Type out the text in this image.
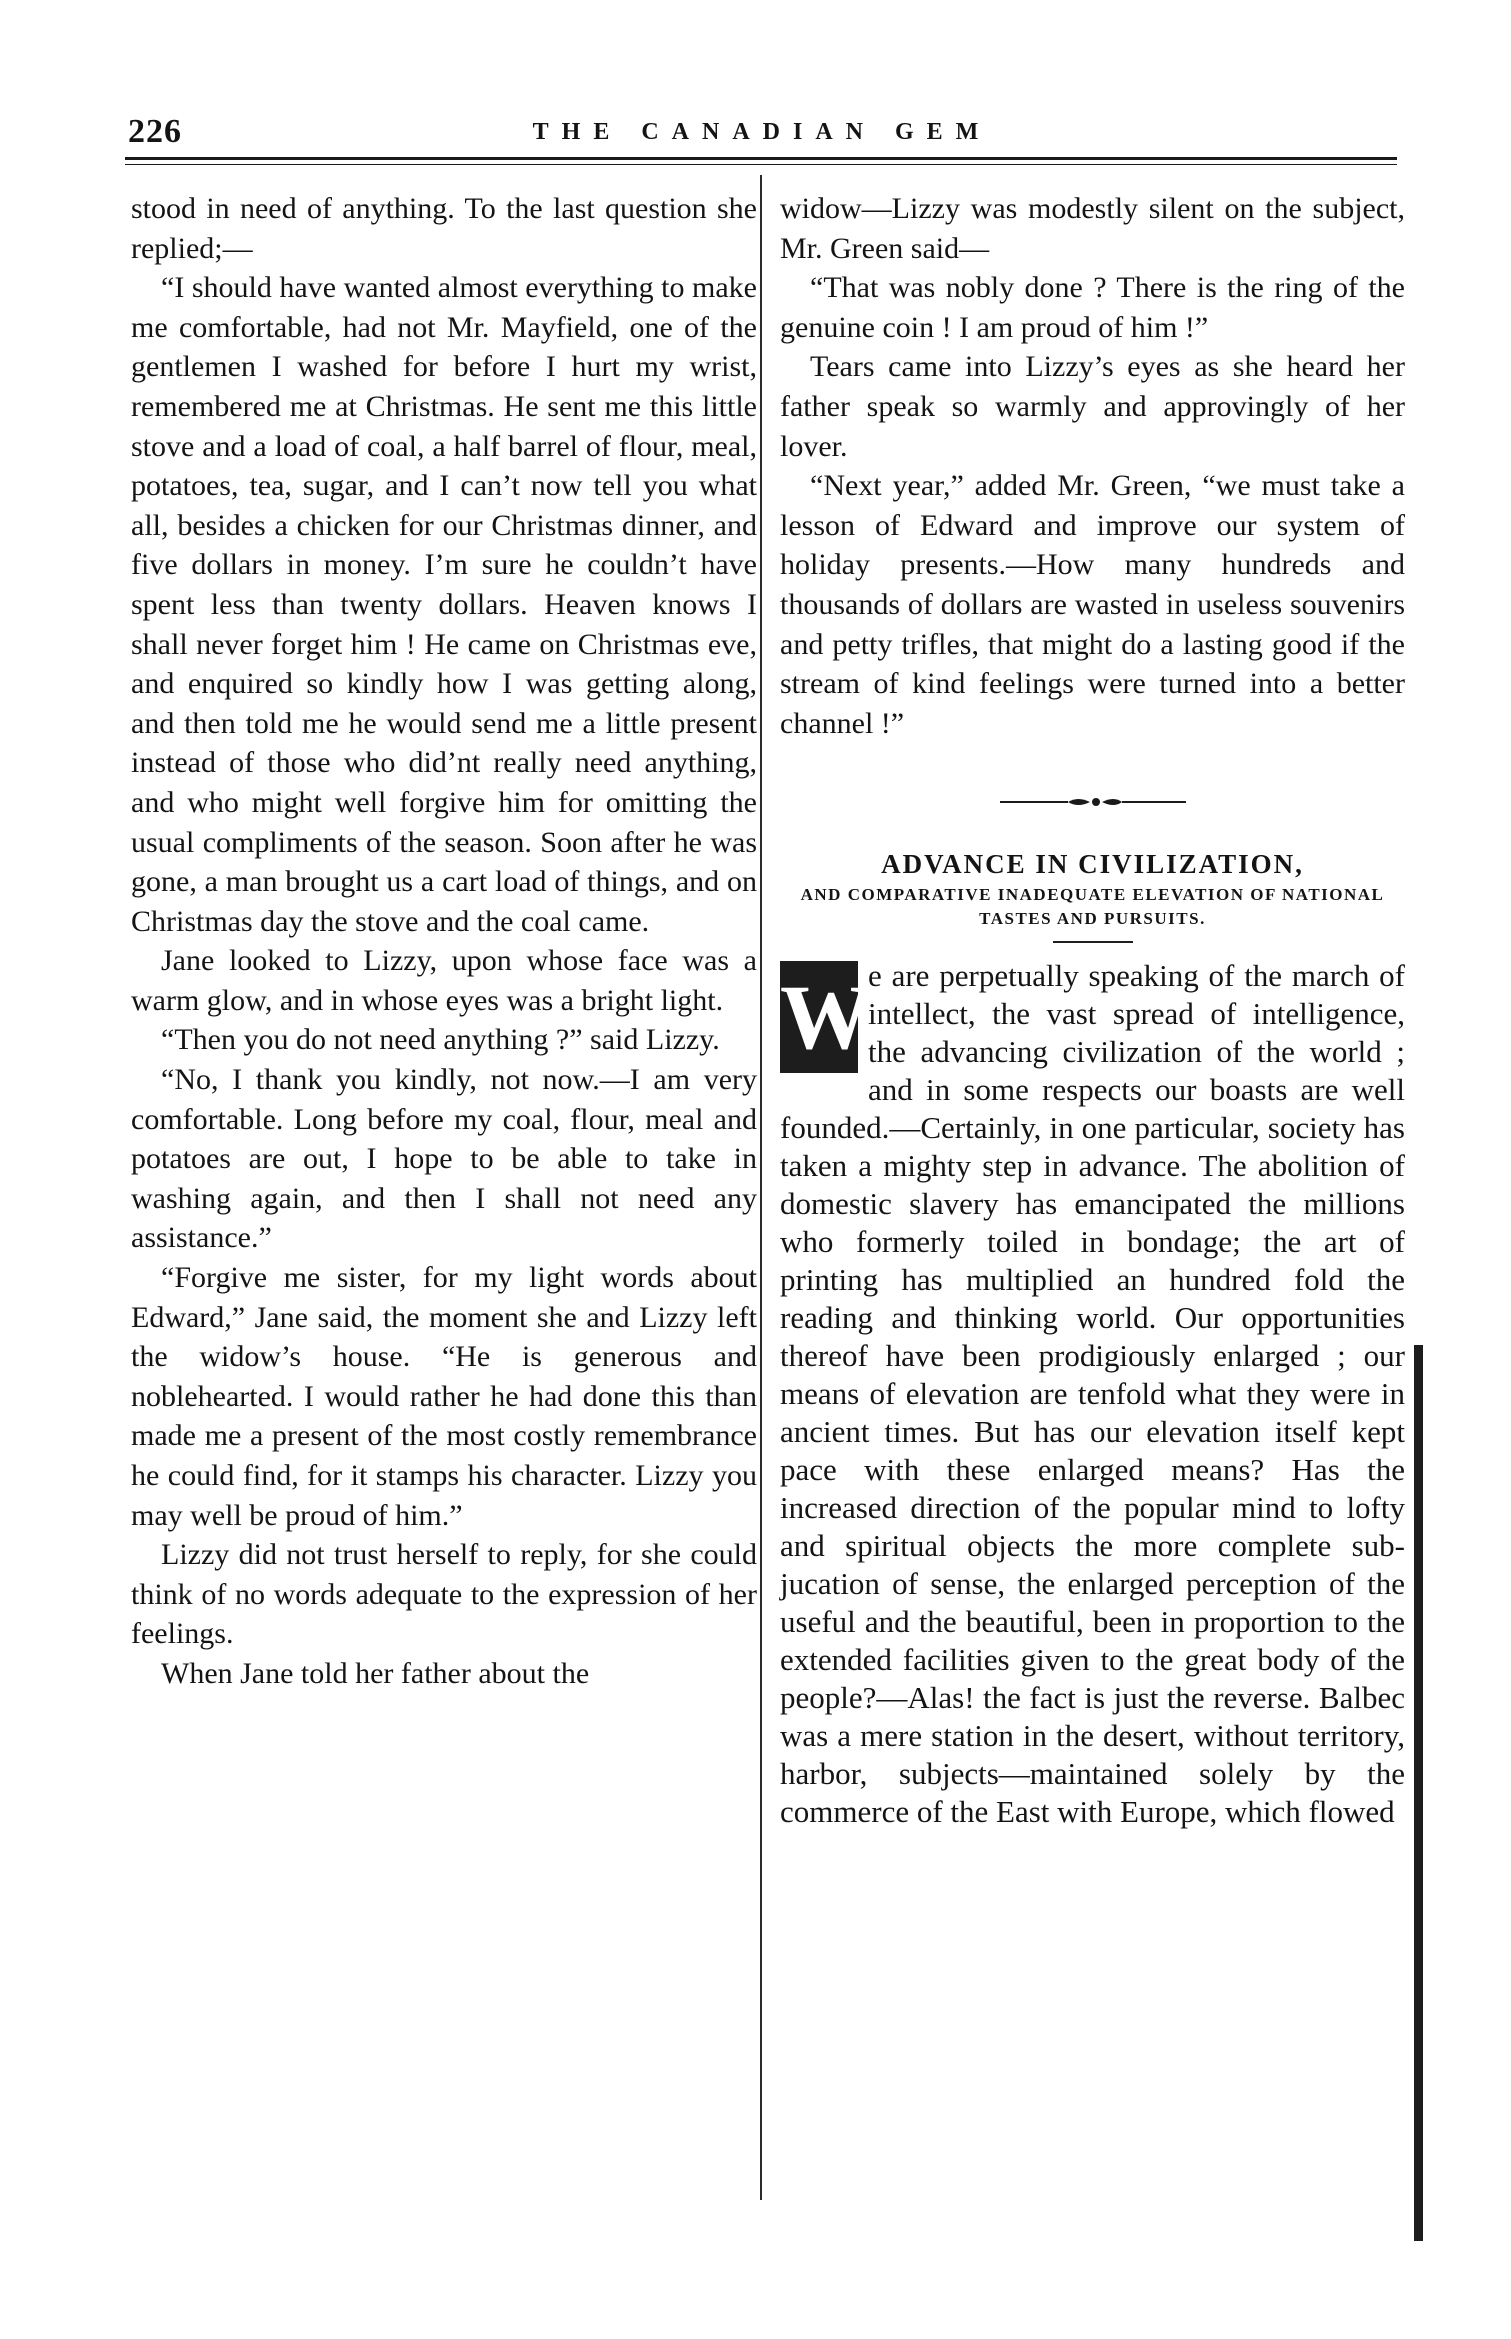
226	THE CANADIAN GEM

stood in need of anything. To the last question she replied;—

“I should have wanted almost everything to make me comfortable, had not Mr. Mayfield, one of the gentlemen I washed for before I hurt my wrist, remembered me at Christmas. He sent me this little stove and a load of coal, a half barrel of flour, meal, potatoes, tea, sugar, and I can’t now tell you what all, besides a chicken for our Christmas dinner, and five dollars in money. I’m sure he couldn’t have spent less than twenty dollars. Heaven knows I shall never forget him ! He came on Christmas eve, and enquired so kindly how I was getting along, and then told me he would send me a little present instead of those who did’nt really need anything, and who might well forgive him for omitting the usual compliments of the season. Soon after he was gone, a man brought us a cart load of things, and on Christmas day the stove and the coal came.

Jane looked to Lizzy, upon whose face was a warm glow, and in whose eyes was a bright light.

“Then you do not need anything ?” said Lizzy.

“No, I thank you kindly, not now.—I am very comfortable. Long before my coal, flour, meal and potatoes are out, I hope to be able to take in washing again, and then I shall not need any assistance.”

“Forgive me sister, for my light words about Edward,” Jane said, the moment she and Lizzy left the widow’s house. “He is generous and noblehearted. I would rather he had done this than made me a present of the most costly remembrance he could find, for it stamps his character. Lizzy you may well be proud of him.”

Lizzy did not trust herself to reply, for she could think of no words adequate to the expression of her feelings.

When Jane told her father about the

widow—Lizzy was modestly silent on the subject, Mr. Green said—

“That was nobly done ? There is the ring of the genuine coin ! I am proud of him !”

Tears came into Lizzy’s eyes as she heard her father speak so warmly and approvingly of her lover.

“Next year,” added Mr. Green, “we must take a lesson of Edward and improve our system of holiday presents.—How many hundreds and thousands of dollars are wasted in useless souvenirs and petty trifles, that might do a lasting good if the stream of kind feelings were turned into a better channel !”

ADVANCE IN CIVILIZATION,

AND COMPARATIVE INADEQUATE ELEVATION OF NATIONAL TASTES AND PURSUITS.

W
e are perpetually speaking of the march of intellect, the vast spread of intelligence, the advancing civilization of the world ; and in some respects our boasts are well founded.—Certainly, in one particular, society has taken a mighty step in advance. The abolition of domestic slavery has emancipated the millions who formerly toiled in bondage; the art of printing has multiplied an hundred fold the reading and thinking world. Our opportunities thereof have been prodigiously enlarged ; our means of elevation are tenfold what they were in ancient times. But has our elevation itself kept pace with these enlarged means? Has the increased direction of the popular mind to lofty and spiritual objects the more complete subjucation of sense, the enlarged perception of the useful and the beautiful, been in proportion to the extended facilities given to the great body of the people?—Alas! the fact is just the reverse. Balbec was a mere station in the desert, without territory, harbor, subjects—maintained solely by the commerce of the East with Europe, which flowed
